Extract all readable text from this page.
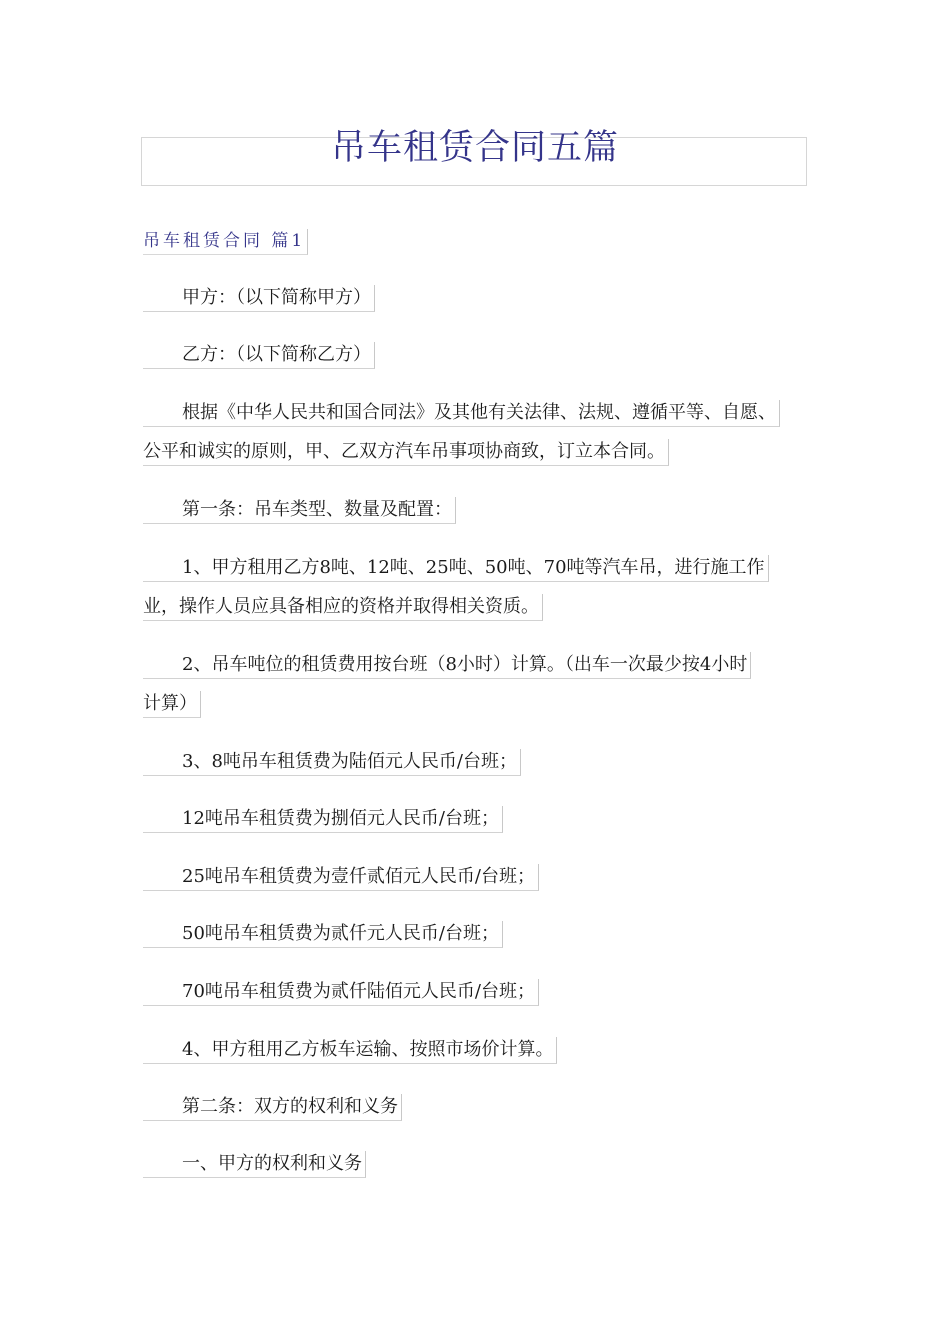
吊车租赁合同五篇
吊车租赁合同 篇1
甲方：（以下简称甲方）
乙方：（以下简称乙方）
根据《中华人民共和国合同法》及其他有关法律、法规、遵循平等、自愿、
公平和诚实的原则，甲、乙双方汽车吊事项协商致，订立本合同。
第一条：吊车类型、数量及配置：
1、甲方租用乙方8吨、12吨、25吨、50吨、70吨等汽车吊，进行施工作
业，操作人员应具备相应的资格并取得相关资质。
2、吊车吨位的租赁费用按台班（8小时）计算。（出车一次最少按4小时
计算）
3、8吨吊车租赁费为陆佰元人民币/台班；
12吨吊车租赁费为捌佰元人民币/台班；
25吨吊车租赁费为壹仟贰佰元人民币/台班；
50吨吊车租赁费为贰仟元人民币/台班；
70吨吊车租赁费为贰仟陆佰元人民币/台班；
4、甲方租用乙方板车运输、按照市场价计算。
第二条：双方的权利和义务
一、甲方的权利和义务
